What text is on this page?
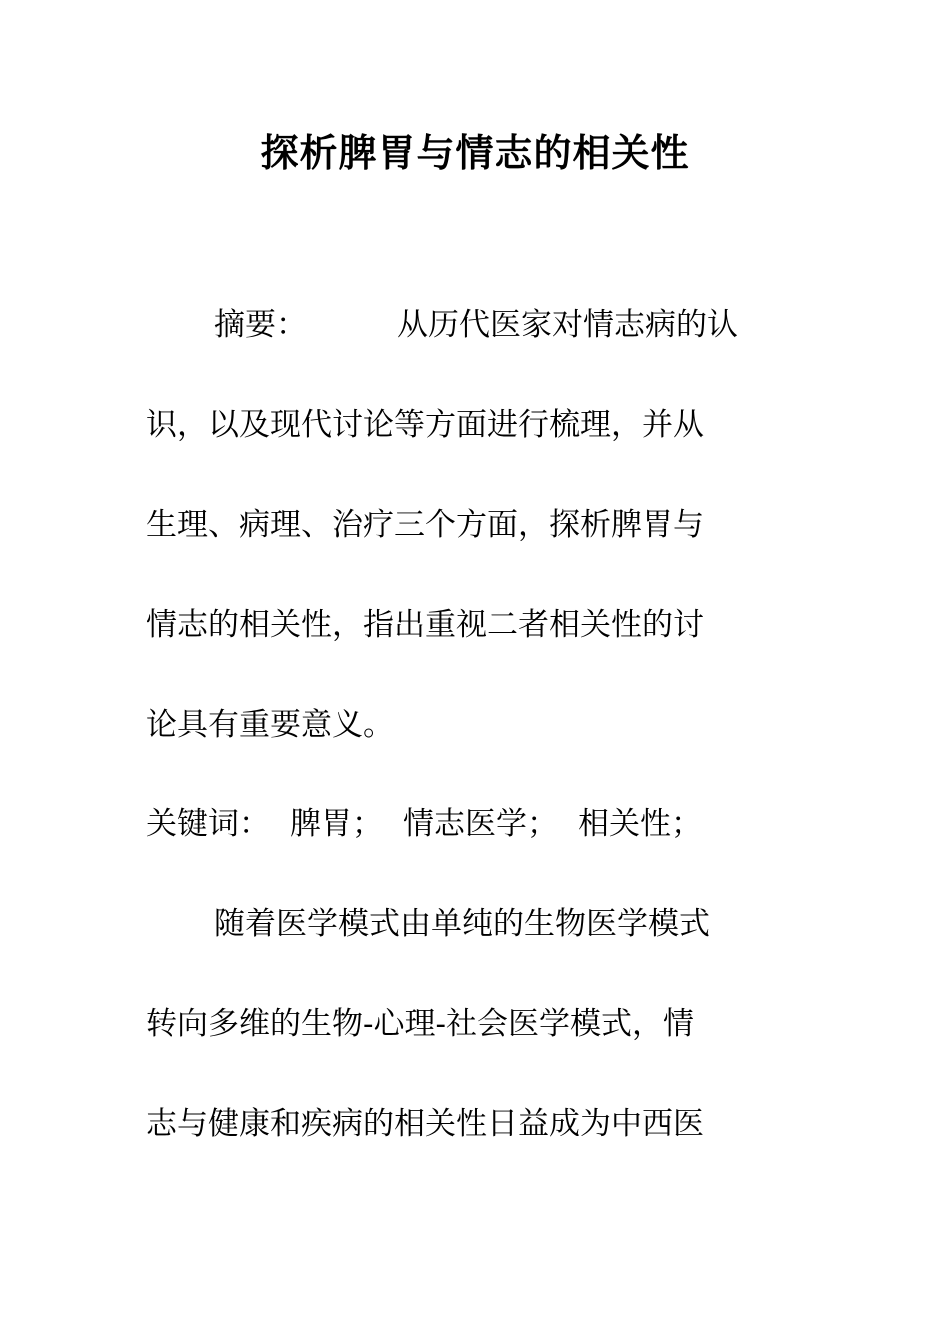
探析脾胃与情志的相关性
摘要：	从历代医家对情志病的认
识，以及现代讨论等方面进行梳理，并从
生理、病理、治疗三个方面，探析脾胃与
情志的相关性，指出重视二者相关性的讨
论具有重要意义。
关键词： 脾胃； 情志医学； 相关性；
随着医学模式由单纯的生物医学模式
转向多维的生物-心理-社会医学模式，情
志与健康和疾病的相关性日益成为中西医
